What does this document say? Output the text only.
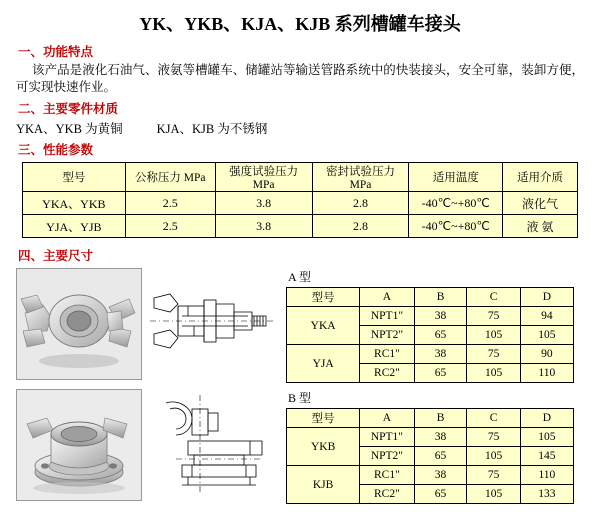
YK、YKB、KJA、KJB 系列槽罐车接头
一、功能特点
该产品是液化石油气、液氨等槽罐车、储罐站等输送管路系统中的快装接头，安全可靠，装卸方便，可实现快速作业。
二、主要零件材质
YKA、YKB 为黄铜	KJA、KJB 为不锈钢
三、性能参数
型号	公称压力 MPa	强度试验压力 MPa	密封试验压力 MPa	适用温度	适用介质
YKA、YKB	2.5	3.8	2.8	-40℃~+80℃	液化气
YJA、YJB	2.5	3.8	2.8	-40℃~+80℃	液 氨
四、主要尺寸
A 型
型号	A	B	C	D
YKA	NPT1"	38	75	94
	NPT2"	65	105	105
YJA	RC1"	38	75	90
	RC2"	65	105	110
B 型
型号	A	B	C	D
YKB	NPT1"	38	75	105
	NPT2"	65	105	145
KJB	RC1"	38	75	110
	RC2"	65	105	133
